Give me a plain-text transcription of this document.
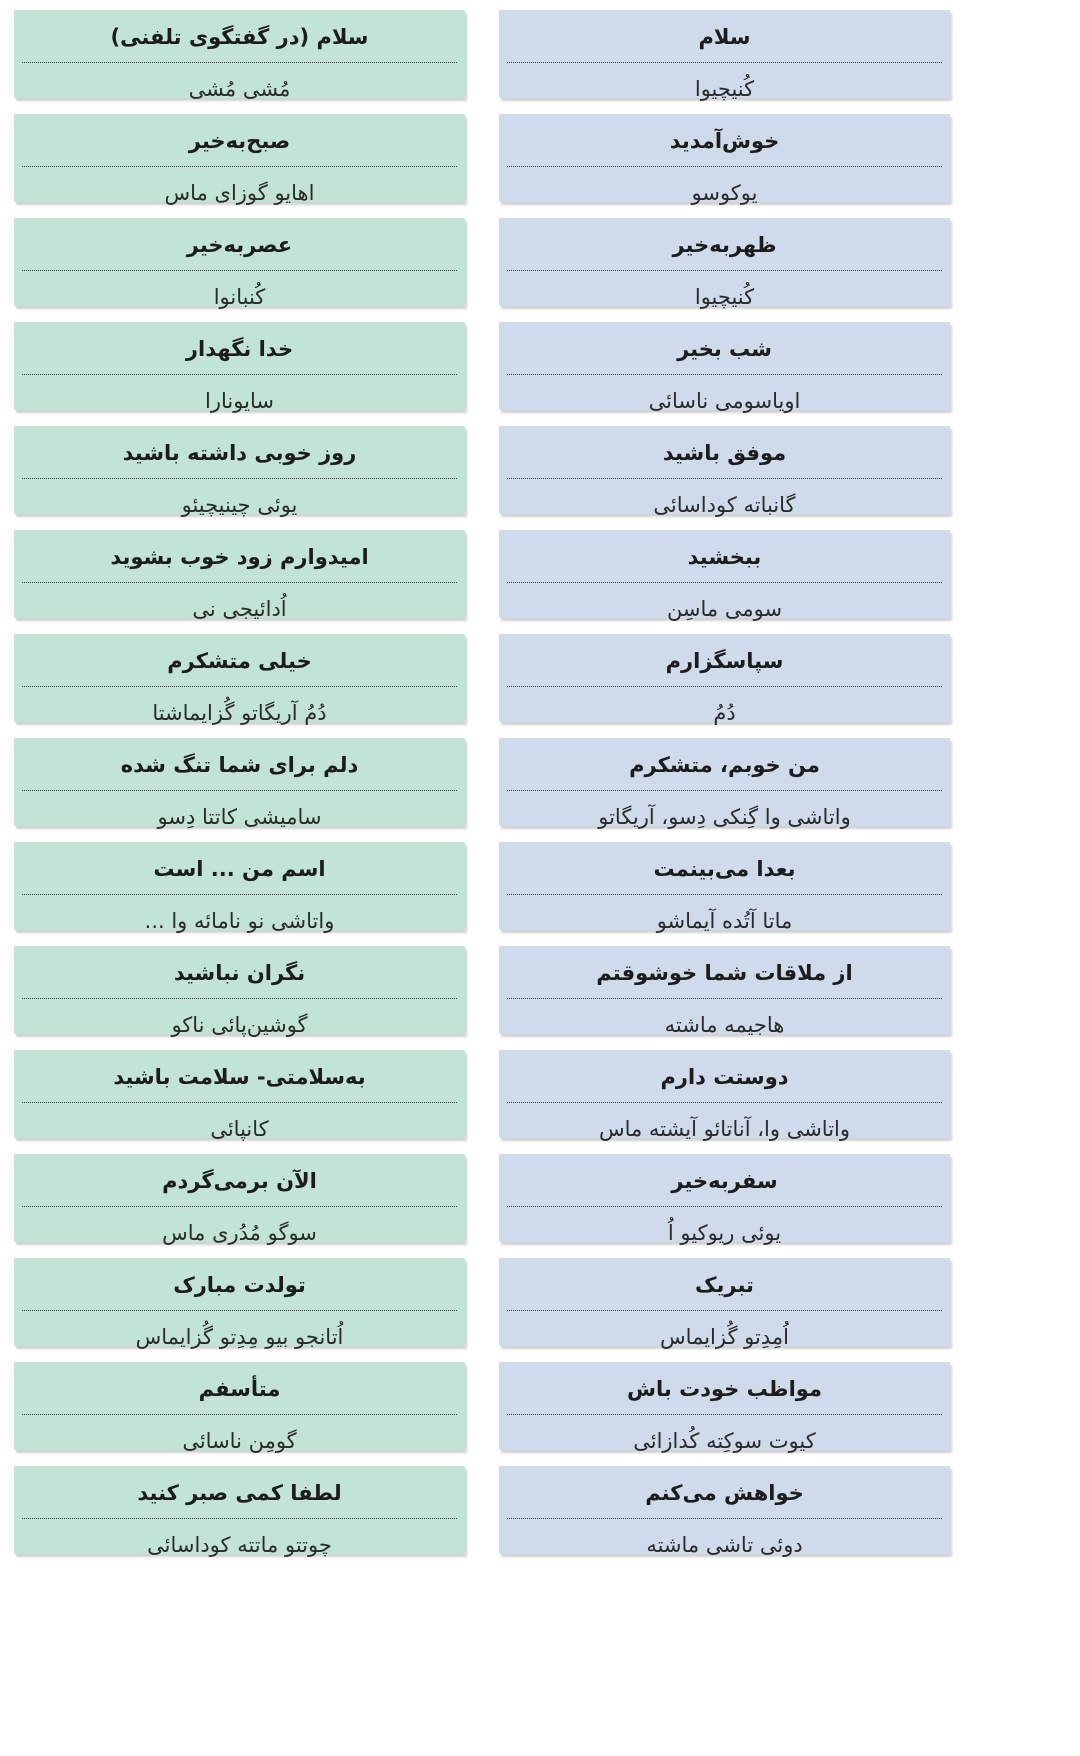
سلام
کُنیچیوا
سلام (در گفتگوی تلفنی)
مُشی مُشی
خوش‌آمدید
یوکوسو
صبح‌به‌خیر
اهایو گوزای ماس
ظهربه‌خیر
کُنیچیوا
عصربه‌خیر
کُنبانوا
شب بخیر
اویاسومی ناسائی
خدا نگهدار
سایونارا
موفق باشید
گانباته کوداسائی
روز خوبی داشته باشید
یوئی چینیچیئو
ببخشید
سومی ماسِن
امیدوارم زود خوب بشوید
اُدائیجی نی
سپاسگزارم
دُمُ
خیلی متشکرم
دُمُ آریگاتو گُزایماشتا
من خوبم، متشکرم
واتاشی وا گِنکی دِسو، آریگاتو
دلم برای شما تنگ شده
سامیشی کاتتا دِسو
بعدا می‌بینمت
ماتا آتُده آیماشو
اسم من ... است
واتاشی نو نامائه وا ...
از ملاقات شما خوشوقتم
هاجیمه ماشته
نگران نباشید
گوشین‌پائی ناکو
دوستت دارم
واتاشی وا، آناتائو آیشته ماس
به‌سلامتی- سلامت باشید
کانپائی
سفربه‌خیر
یوئی ریوکیو اُ
الآن برمی‌گردم
سوگو مُدُری ماس
تبریک
اُمِدِتو گُزایماس
تولدت مبارک
اُتانجو بیو مِدِتو گُزایماس
مواظب خودت باش
کیوت سوکِته کُدازائی
متأسفم
گومِن ناسائی
خواهش می‌کنم
دوئی تاشی ماشته
لطفا کمی صبر کنید
چوتتو ماتته کوداسائی
